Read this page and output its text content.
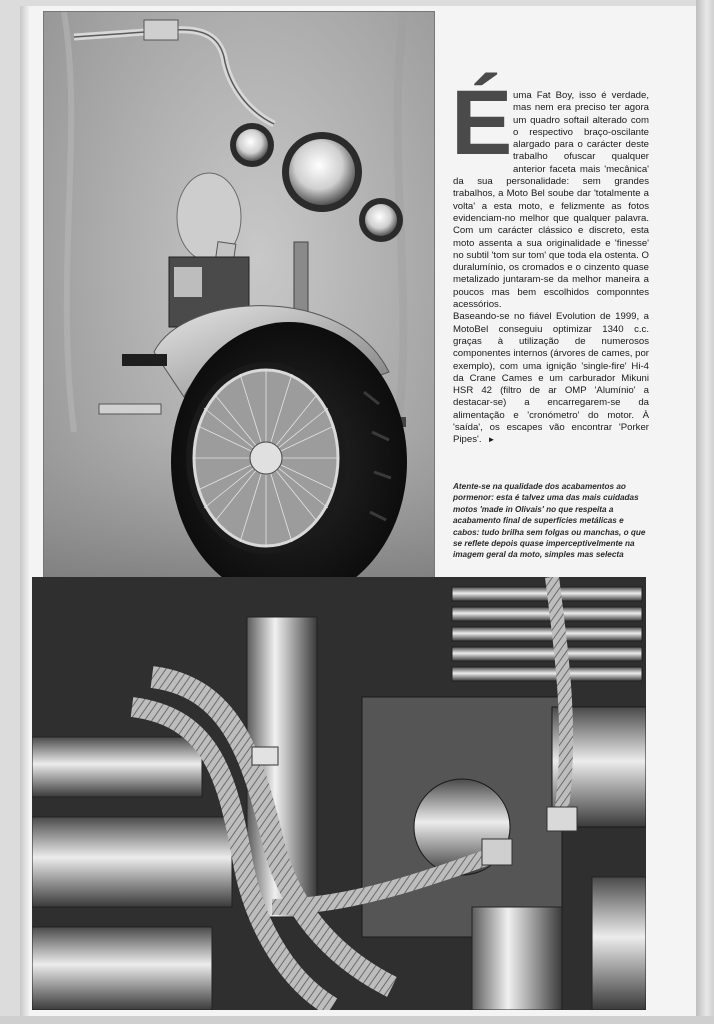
É uma Fat Boy, isso é verdade, mas nem era preciso ter agora um quadro softail alterado com o respectivo braço-oscilante alargado para o carácter deste trabalho ofuscar qualquer anterior faceta mais 'mecânica' da sua personalidade: sem grandes trabalhos, a Moto Bel soube dar 'totalmente a volta' a esta moto, e felizmente as fotos evidenciam-no melhor que qualquer palavra. Com um carácter clássico e discreto, esta moto assenta a sua originalidade e 'finesse' no subtil 'tom sur tom' que toda ela ostenta. O duralumínio, os cromados e o cinzento quase metalizado juntaram-se da melhor maneira a poucos mas bem escolhidos componntes acessórios.

Baseando-se no fiável Evolution de 1999, a MotoBel conseguiu optimizar 1340 c.c. graças à utilização de numerosos componentes internos (árvores de cames, por exemplo), com uma ignição 'single-fire' Hi-4 da Crane Cames e um carburador Mikuni HSR 42 (filtro de ar OMP 'Alumínio' a destacar-se) a encarregarem-se da alimentação e 'cronómetro' do motor. À 'saída', os escapes vão encontrar 'Porker Pipes'. ►

Atente-se na qualidade dos acabamentos ao pormenor: esta é talvez uma das mais cuidadas motos 'made in Olivais' no que respeita a acabamento final de superfícies metálicas e cabos: tudo brilha sem folgas ou manchas, o que se reflete depois quase imperceptivelmente na imagem geral da moto, simples mas selecta
